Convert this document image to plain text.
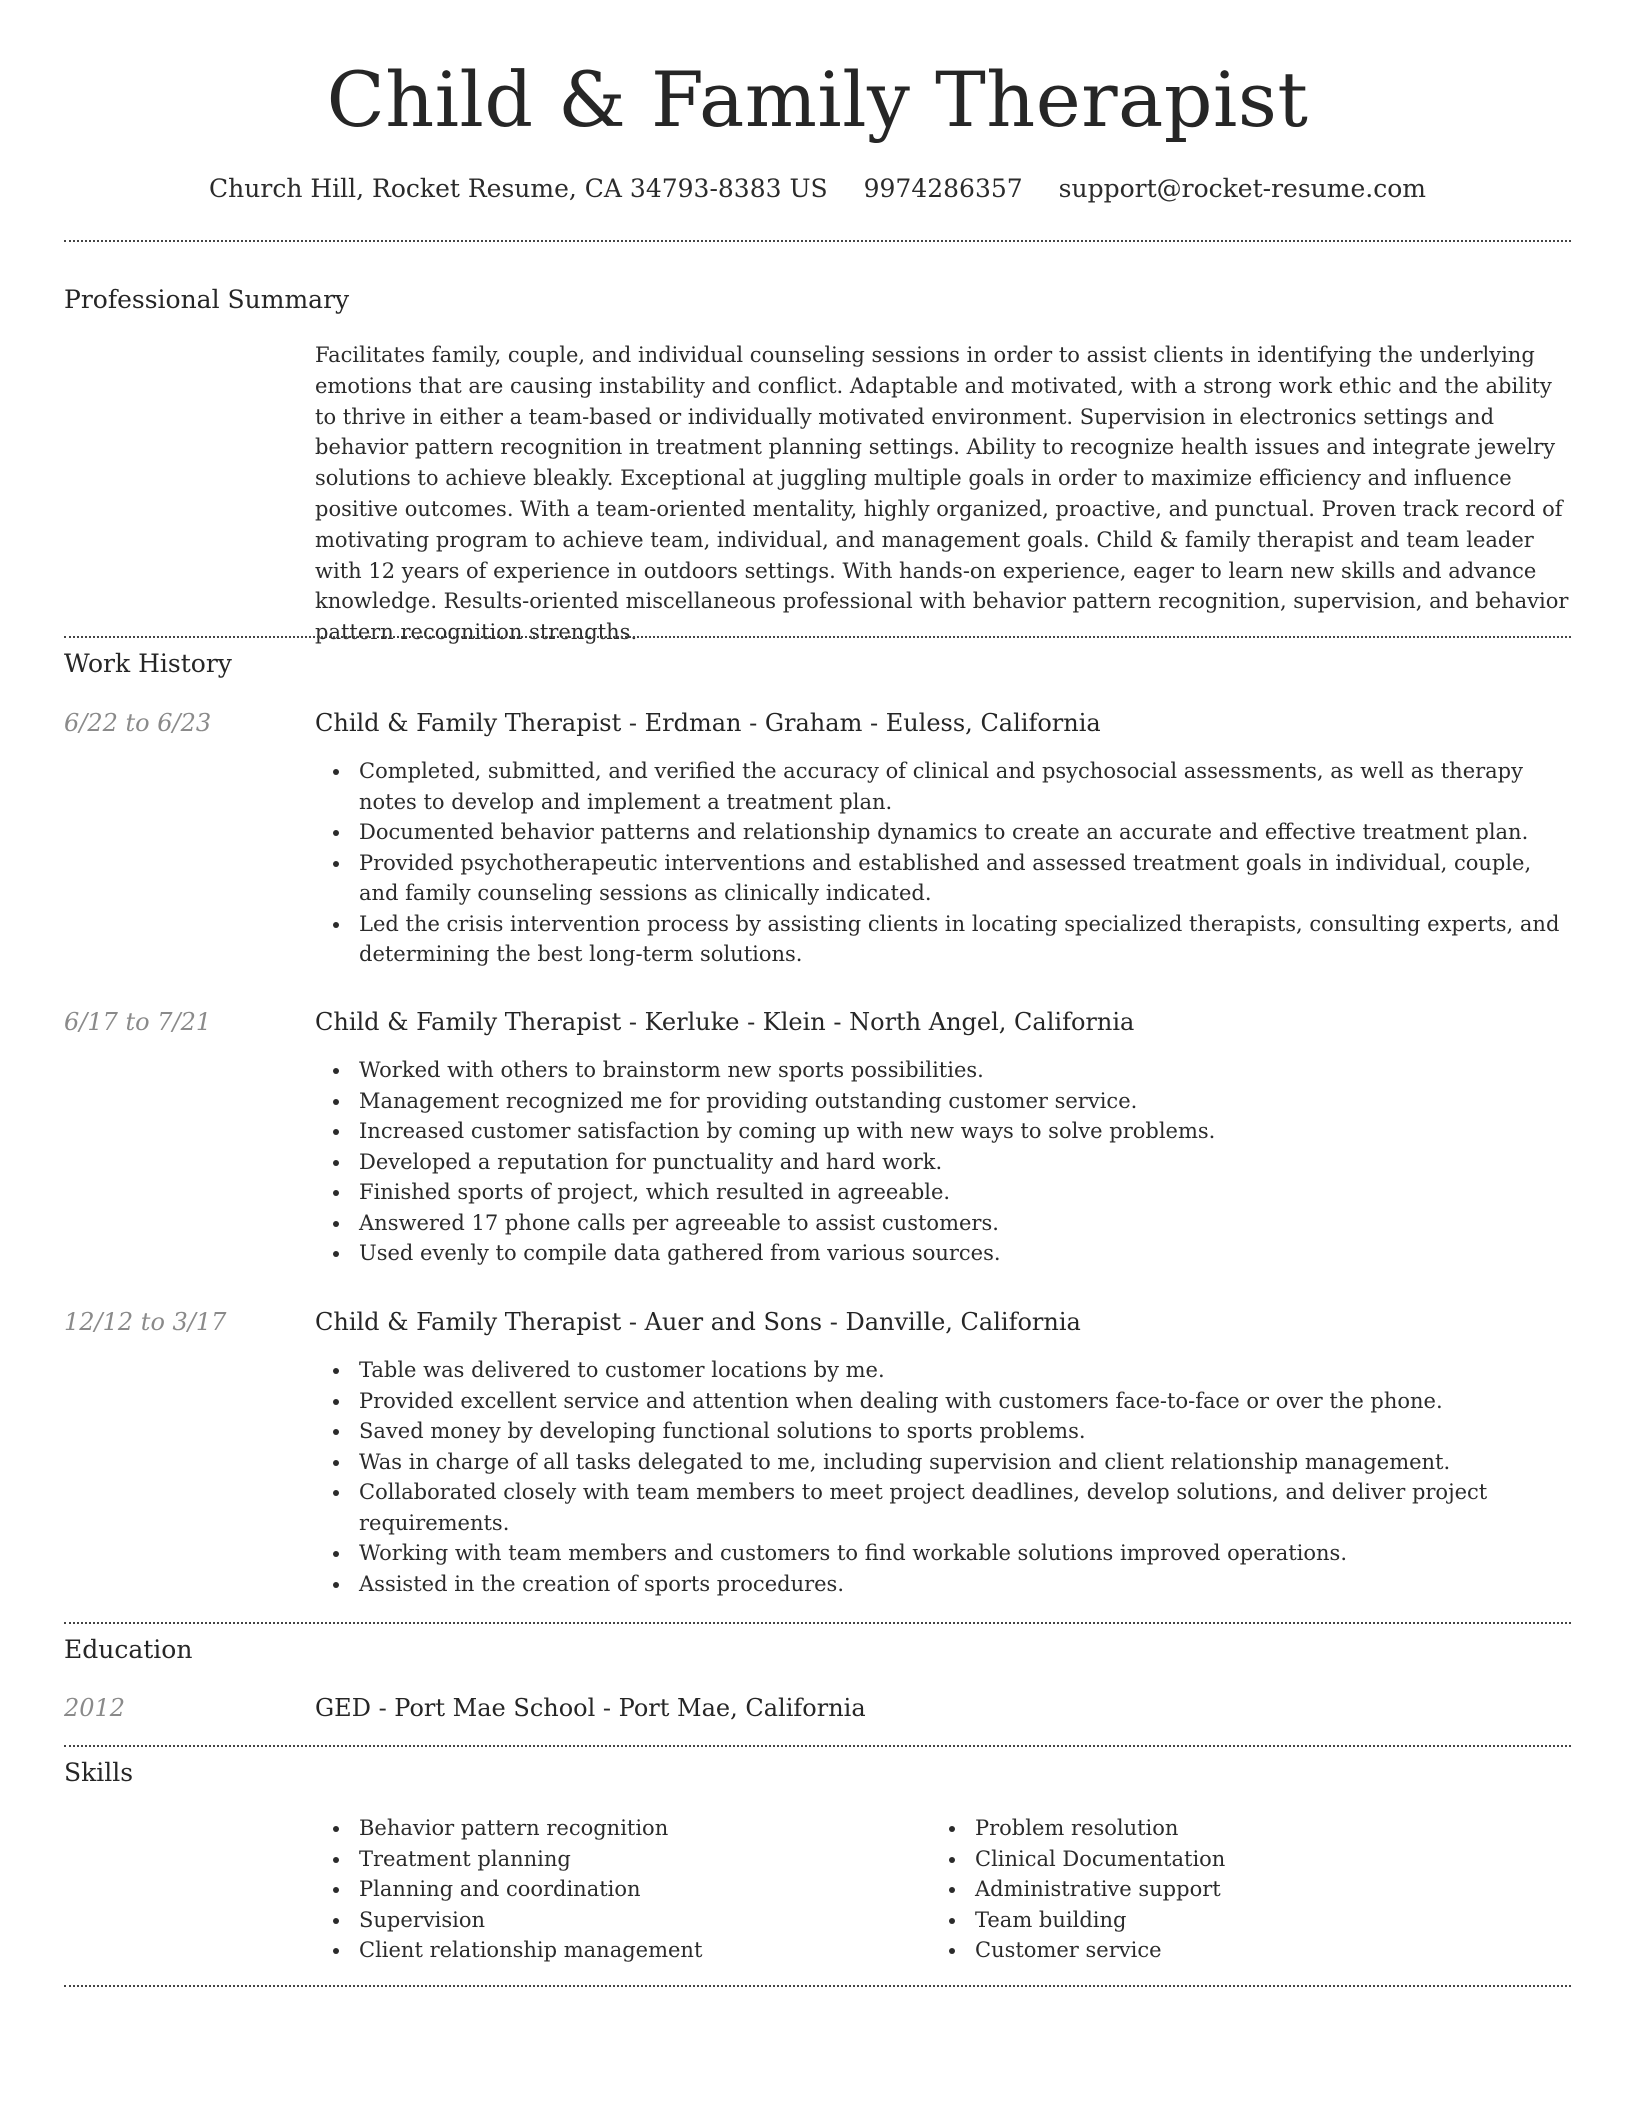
Child & Family Therapist
Church Hill, Rocket Resume, CA 34793-8383 US 9974286357 support@rocket-resume.com
Professional Summary
Facilitates family, couple, and individual counseling sessions in order to assist clients in identifying the underlying emotions that are causing instability and conflict. Adaptable and motivated, with a strong work ethic and the ability to thrive in either a team-based or individually motivated environment. Supervision in electronics settings and behavior pattern recognition in treatment planning settings. Ability to recognize health issues and integrate jewelry solutions to achieve bleakly. Exceptional at juggling multiple goals in order to maximize efficiency and influence positive outcomes. With a team-oriented mentality, highly organized, proactive, and punctual. Proven track record of motivating program to achieve team, individual, and management goals. Child & family therapist and team leader with 12 years of experience in outdoors settings. With hands-on experience, eager to learn new skills and advance knowledge. Results-oriented miscellaneous professional with behavior pattern recognition, supervision, and behavior pattern recognition strengths.
Work History
6/22 to 6/23	Child & Family Therapist - Erdman - Graham - Euless, California
Completed, submitted, and verified the accuracy of clinical and psychosocial assessments, as well as therapy notes to develop and implement a treatment plan.
Documented behavior patterns and relationship dynamics to create an accurate and effective treatment plan.
Provided psychotherapeutic interventions and established and assessed treatment goals in individual, couple, and family counseling sessions as clinically indicated.
Led the crisis intervention process by assisting clients in locating specialized therapists, consulting experts, and determining the best long-term solutions.
6/17 to 7/21	Child & Family Therapist - Kerluke - Klein - North Angel, California
Worked with others to brainstorm new sports possibilities.
Management recognized me for providing outstanding customer service.
Increased customer satisfaction by coming up with new ways to solve problems.
Developed a reputation for punctuality and hard work.
Finished sports of project, which resulted in agreeable.
Answered 17 phone calls per agreeable to assist customers.
Used evenly to compile data gathered from various sources.
12/12 to 3/17	Child & Family Therapist - Auer and Sons - Danville, California
Table was delivered to customer locations by me.
Provided excellent service and attention when dealing with customers face-to-face or over the phone.
Saved money by developing functional solutions to sports problems.
Was in charge of all tasks delegated to me, including supervision and client relationship management.
Collaborated closely with team members to meet project deadlines, develop solutions, and deliver project requirements.
Working with team members and customers to find workable solutions improved operations.
Assisted in the creation of sports procedures.
Education
2012	GED - Port Mae School - Port Mae, California
Skills
Behavior pattern recognition
Treatment planning
Planning and coordination
Supervision
Client relationship management
Problem resolution
Clinical Documentation
Administrative support
Team building
Customer service
